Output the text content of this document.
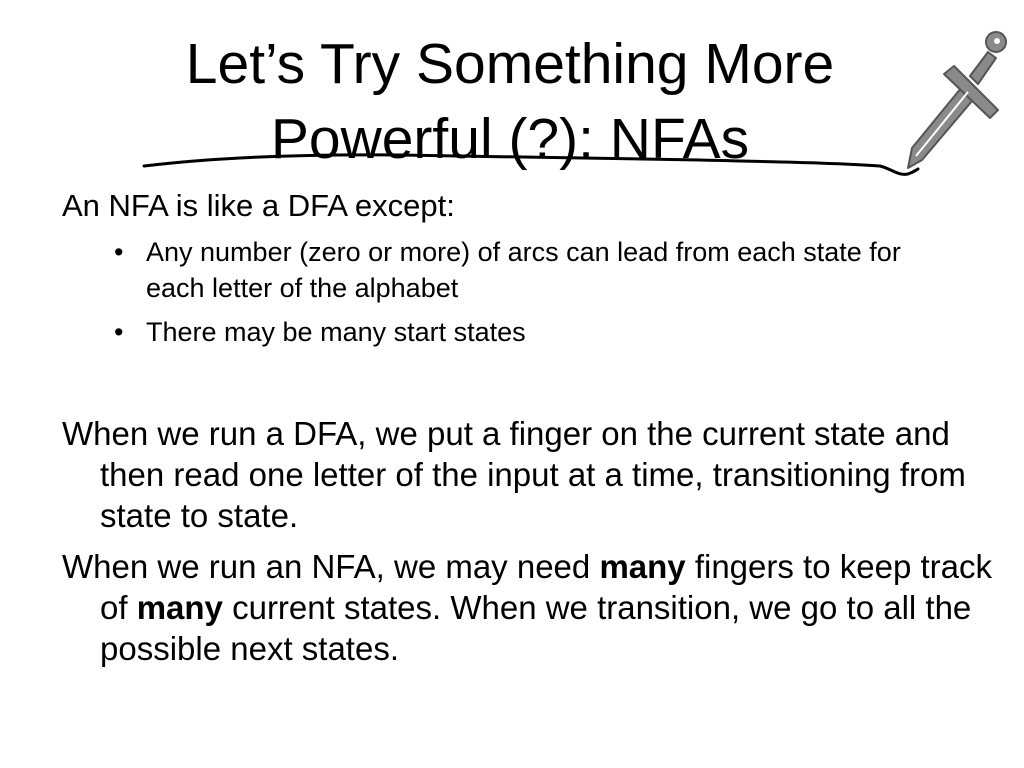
Let’s Try Something More
Powerful (?): NFAs

An NFA is like a DFA except:

• Any number (zero or more) of arcs can lead from each state for each letter of the alphabet
• There may be many start states

When we run a DFA, we put a finger on the current state and then read one letter of the input at a time, transitioning from state to state.

When we run an NFA, we may need many fingers to keep track of many current states. When we transition, we go to all the possible next states.
